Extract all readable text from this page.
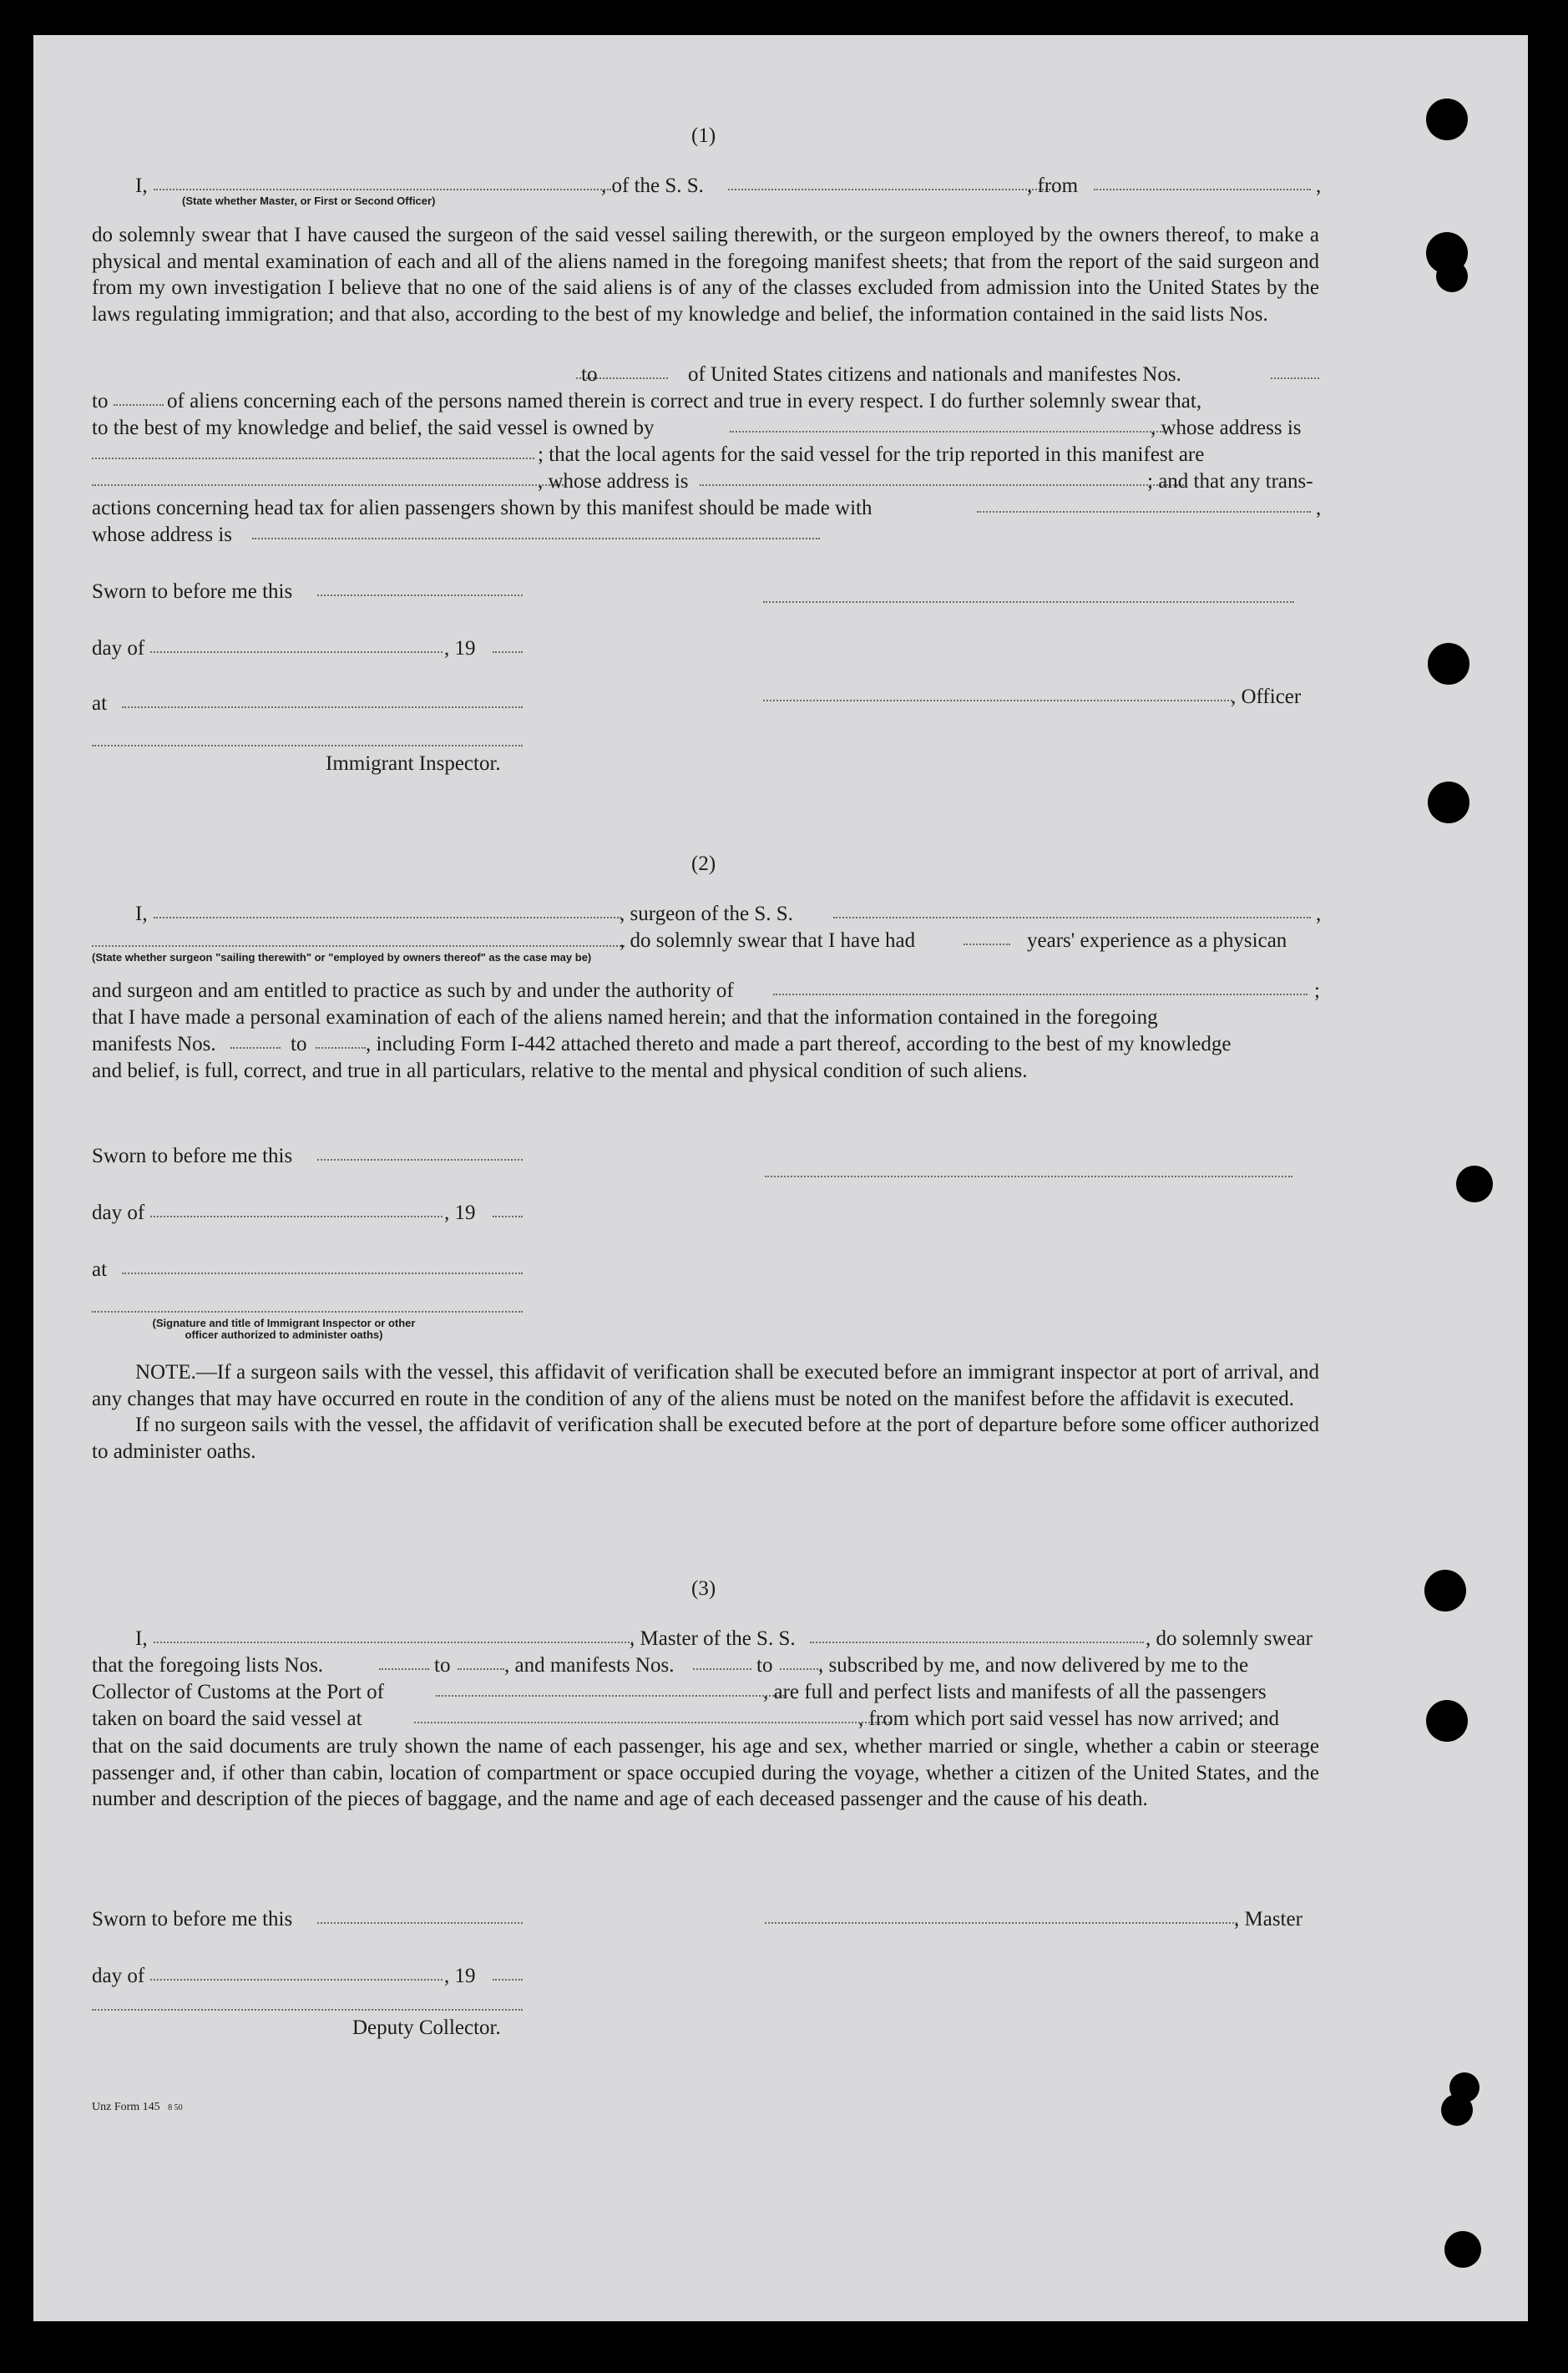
(1)
I,	, of the S. S.	, from	,
(State whether Master, or First or Second Officer)

do solemnly swear that I have caused the surgeon of the said vessel sailing therewith, or the surgeon employed by the owners thereof, to make a physical and mental examination of each and all of the aliens named in the foregoing manifest sheets; that from the report of the said surgeon and from my own investigation I believe that no one of the said aliens is of any of the classes excluded from admission into the United States by the laws regulating immigration; and that also, according to the best of my knowledge and belief, the information contained in the said lists Nos.

to	of United States citizens and nationals and manifestes Nos.
to	of aliens concerning each of the persons named therein is correct and true in every respect. I do further solemnly swear that,
to the best of my knowledge and belief, the said vessel is owned by	, whose address is
; that the local agents for the said vessel for the trip reported in this manifest are
, whose address is	; and that any trans-
actions concerning head tax for alien passengers shown by this manifest should be made with	,
whose address is
Sworn to before me this
day of	, 19
at	, Officer
Immigrant Inspector.
(2)
I,	, surgeon of the S. S.	,
, do solemnly swear that I have had	years' experience as a physican
(State whether surgeon "sailing therewith" or "employed by owners thereof" as the case may be)
and surgeon and am entitled to practice as such by and under the authority of	;
that I have made a personal examination of each of the aliens named herein; and that the information contained in the foregoing
manifests Nos.	to	, including Form I-442 attached thereto and made a part thereof, according to the best of my knowledge
and belief, is full, correct, and true in all particulars, relative to the mental and physical condition of such aliens.
Sworn to before me this
day of	, 19
at
(Signature and title of Immigrant Inspector or other
officer authorized to administer oaths)

NOTE.—If a surgeon sails with the vessel, this affidavit of verification shall be executed before an immigrant inspector at port of arrival, and any changes that may have occurred en route in the condition of any of the aliens must be noted on the manifest before the affidavit is executed.

If no surgeon sails with the vessel, the affidavit of verification shall be executed before at the port of departure before some officer authorized to administer oaths.

(3)
I,	, Master of the S. S.	, do solemnly swear
that the foregoing lists Nos.	to	, and manifests Nos.	to , subscribed by me, and now delivered by me to the
Collector of Customs at the Port of	, are full and perfect lists and manifests of all the passengers
taken on board the said vessel at	, from which port said vessel has now arrived; and

that on the said documents are truly shown the name of each passenger, his age and sex, whether married or single, whether a cabin or steerage passenger and, if other than cabin, location of compartment or space occupied during the voyage, whether a citizen of the United States, and the number and description of the pieces of baggage, and the name and age of each deceased passenger and the cause of his death.

Sworn to before me this	, Master
day of	, 19
Deputy Collector.
Unz Form 145 8 50
